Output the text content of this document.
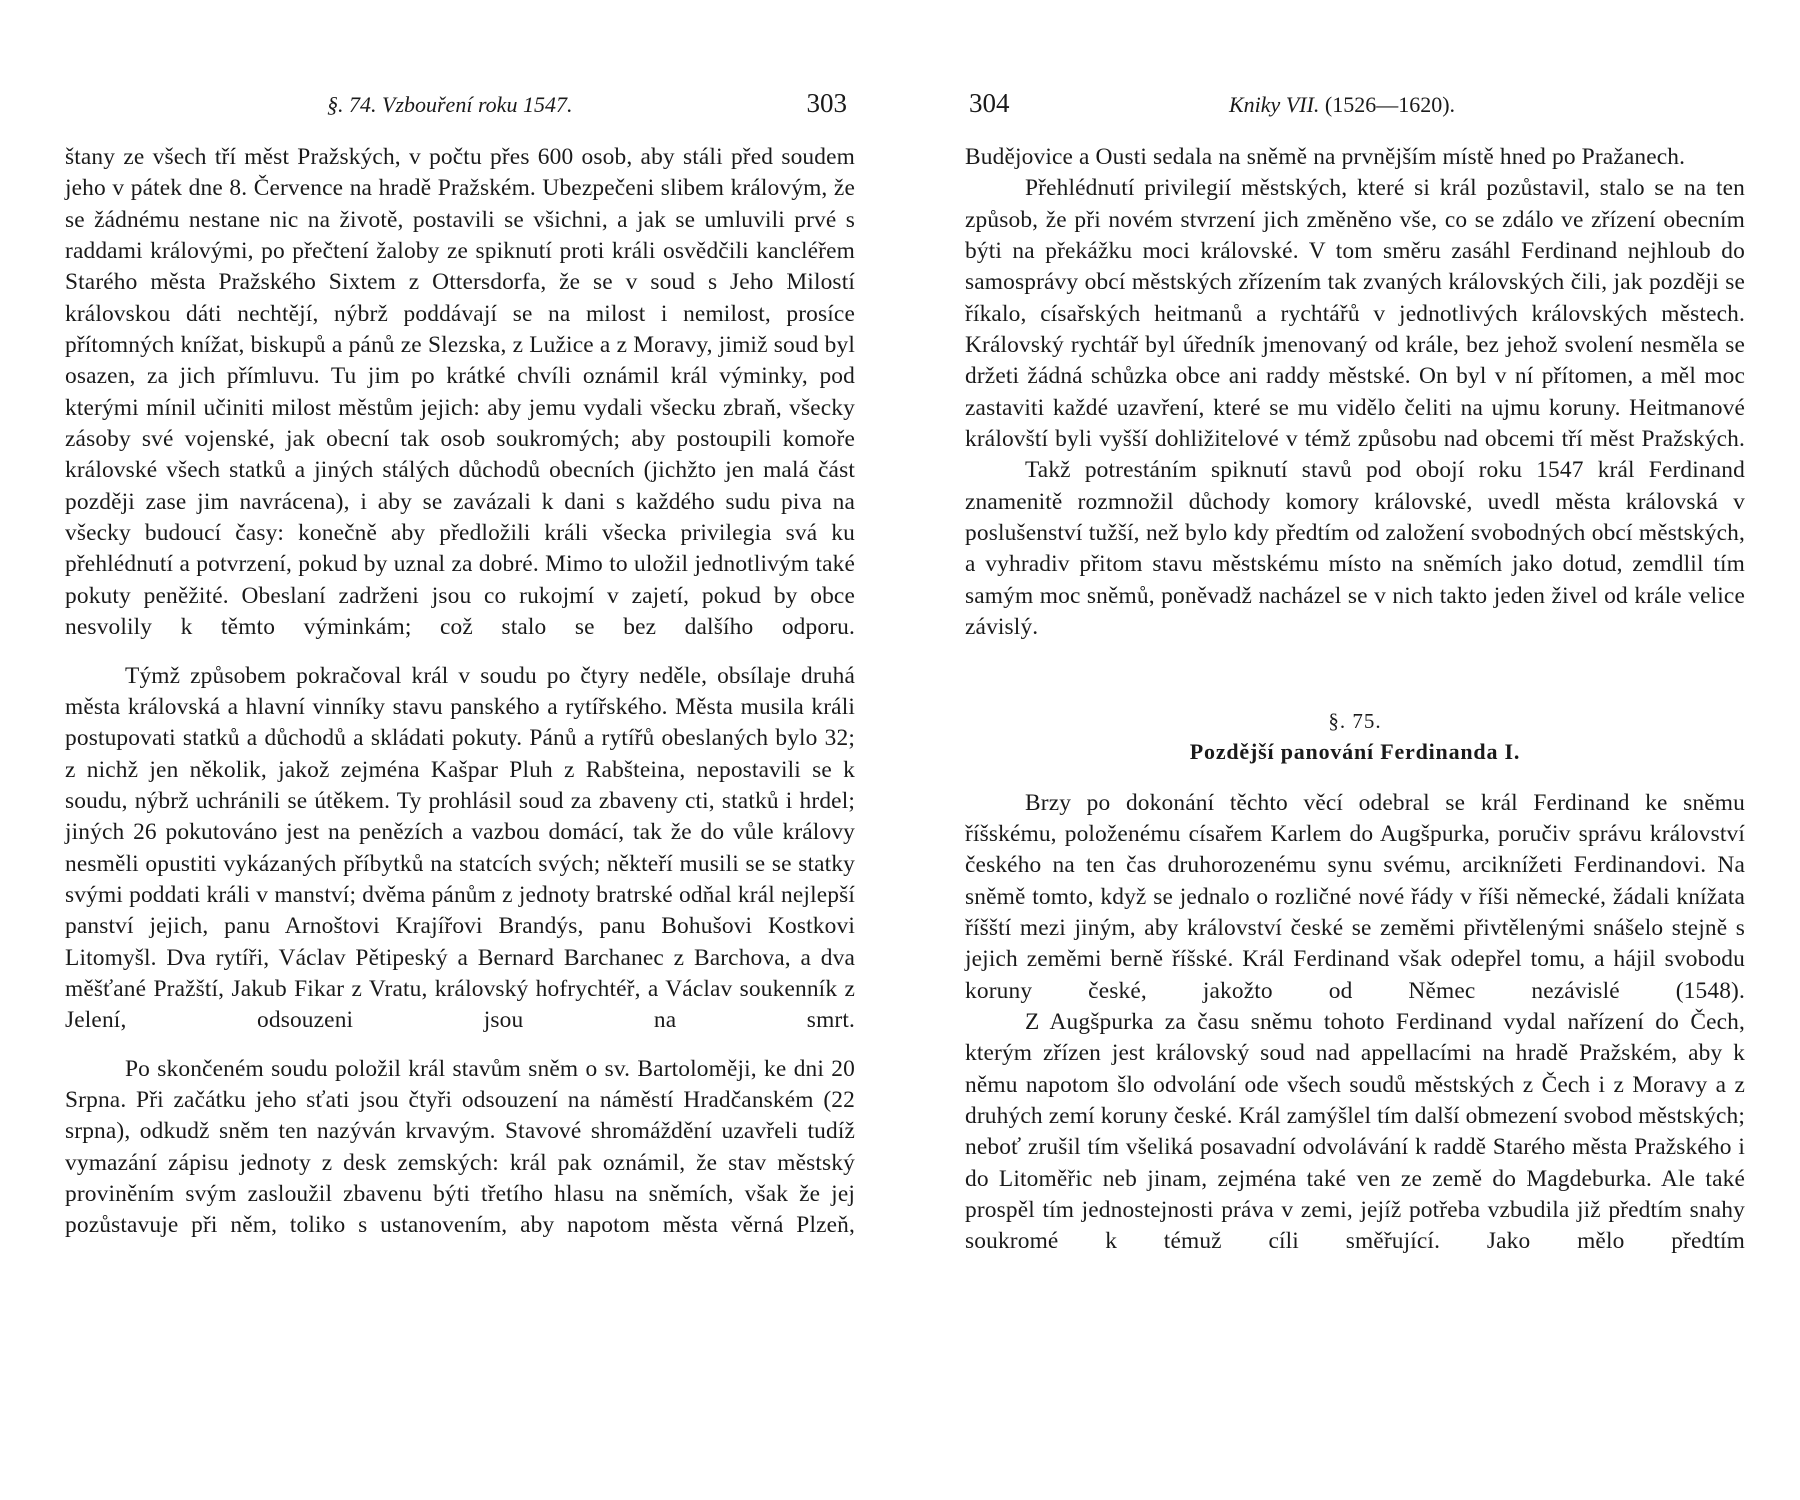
§. 74. Vzbouření roku 1547.	303

štany ze všech tří měst Pražských, v počtu přes 600 osob, aby stáli před soudem jeho v pátek dne 8. Července na hradě Pražském. Ubezpečeni slibem královým, že se žádnému nestane nic na životě, postavili se všichni, a jak se umluvili prvé s raddami královými, po přečtení žaloby ze spiknutí proti králi osvědčili kancléřem Starého města Pražského Sixtem z Ottersdorfa, že se v soud s Jeho Milostí královskou dáti nechtějí, nýbrž poddávají se na milost i nemilost, prosíce přítomných knížat, biskupů a pánů ze Slezska, z Lužice a z Moravy, jimiž soud byl osazen, za jich přímluvu. Tu jim po krátké chvíli oznámil král výminky, pod kterými mínil učiniti milost městům jejich: aby jemu vydali všecku zbraň, všecky zásoby své vojenské, jak obecní tak osob soukromých; aby postoupili komoře královské všech statků a jiných stálých důchodů obecních (jichžto jen malá část později zase jim navrácena), i aby se zavázali k dani s každého sudu piva na všecky budoucí časy: konečně aby předložili králi všecka privilegia svá ku přehlédnutí a potvrzení, pokud by uznal za dobré. Mimo to uložil jednotlivým také pokuty peněžité. Obeslaní zadrženi jsou co rukojmí v zajetí, pokud by obce nesvolily k těmto výminkám; což stalo se bez dalšího odporu.

Týmž způsobem pokračoval král v soudu po čtyry neděle, obsílaje druhá města královská a hlavní vinníky stavu panského a rytířského. Města musila králi postupovati statků a důchodů a skládati pokuty. Pánů a rytířů obeslaných bylo 32; z nichž jen několik, jakož zejména Kašpar Pluh z Rabšteina, nepostavili se k soudu, nýbrž uchránili se útěkem. Ty prohlásil soud za zbaveny cti, statků i hrdel; jiných 26 pokutováno jest na penězích a vazbou domácí, tak že do vůle královy nesměli opustiti vykázaných příbytků na statcích svých; někteří musili se se statky svými poddati králi v manství; dvěma pánům z jednoty bratrské odňal král nejlepší panství jejich, panu Arnoštovi Krajířovi Brandýs, panu Bohušovi Kostkovi Litomyšl. Dva rytíři, Václav Pětipeský a Bernard Barchanec z Barchova, a dva měšťané Pražští, Jakub Fikar z Vratu, královský hofrychtéř, a Václav soukenník z Jelení, odsouzeni jsou na smrt.

Po skončeném soudu položil král stavům sněm o sv. Bartoloměji, ke dni 20 Srpna. Při začátku jeho sťati jsou čtyři odsouzení na náměstí Hradčanském (22 srpna), odkudž sněm ten nazýván krvavým. Stavové shromáždění uzavřeli tudíž vymazání zápisu jednoty z desk zemských: král pak oznámil, že stav městský proviněním svým zasloužil zbavenu býti třetího hlasu na sněmích, však že jej pozůstavuje při něm, toliko s ustanovením, aby napotom města věrná Plzeň,

304	Kniky VII. (1526—1620).

Budějovice a Ousti sedala na sněmě na prvnějším místě hned po Pražanech.

Přehlédnutí privilegií městských, které si král pozůstavil, stalo se na ten způsob, že při novém stvrzení jich změněno vše, co se zdálo ve zřízení obecním býti na překážku moci královské. V tom směru zasáhl Ferdinand nejhloub do samosprávy obcí městských zřízením tak zvaných královských čili, jak později se říkalo, císařských heitmanů a rychtářů v jednotlivých královských městech. Královský rychtář byl úředník jmenovaný od krále, bez jehož svolení nesměla se držeti žádná schůzka obce ani raddy městské. On byl v ní přítomen, a měl moc zastaviti každé uzavření, které se mu vidělo čeliti na ujmu koruny. Heitmanové královští byli vyšší dohližitelové v témž způsobu nad obcemi tří měst Pražských.

Takž potrestáním spiknutí stavů pod obojí roku 1547 král Ferdinand znamenitě rozmnožil důchody komory královské, uvedl města královská v poslušenství tužší, než bylo kdy předtím od založení svobodných obcí městských, a vyhradiv přitom stavu městskému místo na sněmích jako dotud, zemdlil tím samým moc sněmů, poněvadž nacházel se v nich takto jeden živel od krále velice závislý.

§. 75.
Pozdější panování Ferdinanda I.

Brzy po dokonání těchto věcí odebral se král Ferdinand ke sněmu říšskému, položenému císařem Karlem do Augšpurka, poručiv správu království českého na ten čas druhorozenému synu svému, arciknížeti Ferdinandovi. Na sněmě tomto, když se jednalo o rozličné nové řády v říši německé, žádali knížata říšští mezi jiným, aby království české se zeměmi přivtělenými snášelo stejně s jejich zeměmi berně říšské. Král Ferdinand však odepřel tomu, a hájil svobodu koruny české, jakožto od Němec nezávislé (1548).

Z Augšpurka za času sněmu tohoto Ferdinand vydal nařízení do Čech, kterým zřízen jest královský soud nad appellacími na hradě Pražském, aby k němu napotom šlo odvolání ode všech soudů městských z Čech i z Moravy a z druhých zemí koruny české. Král zamýšlel tím další obmezení svobod městských; neboť zrušil tím všeliká posavadní odvolávání k raddě Starého města Pražského i do Litoměřic neb jinam, zejména také ven ze země do Magdeburka. Ale také prospěl tím jednostejnosti práva v zemi, jejíž potřeba vzbudila již předtím snahy soukromé k témuž cíli směřující. Jako mělo předtím
